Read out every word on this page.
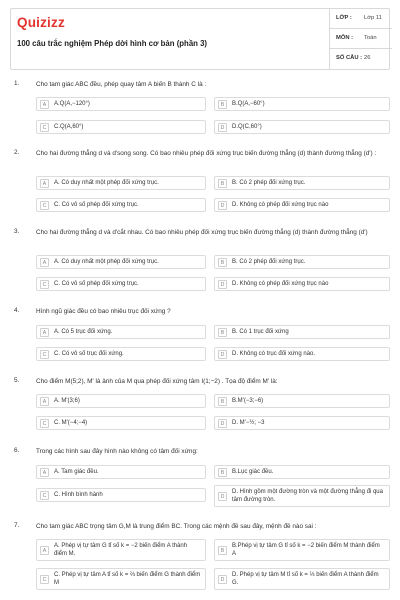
Quizizz
100 câu trắc nghiệm Phép dời hình cơ bản (phần 3)
LỚP : Lớp 11
MÔN : Toán
SỐ CÂU : 26
1.	Cho tam giác ABC đều, phép quay tâm A biến B thành C là :
A	A.Q(A,−120°)	B	B.Q(A,−60°)
C	C.Q(A,60°)	D	D.Q(C,60°)
2.	Cho hai đường thẳng d và d'song song. Có bao nhiêu phép đối xứng trục biến đường thẳng (d) thành đường thẳng (d') :
A	A. Có duy nhất một phép đối xứng trục.	B	B. Có 2 phép đối xứng trục.
C	C. Có vô số phép đối xứng trục.	D	D. Không có phép đối xứng trục nào
3.	Cho hai đường thẳng d và d'cắt nhau. Có bao nhiêu phép đối xứng trục biến đường thẳng (d) thành đường thẳng (d')
A	A. Có duy nhất một phép đối xứng trục.	B	B. Có 2 phép đối xứng trục.
C	C. Có vô số phép đối xứng trục.	D	D. Không có phép đối xứng trục nào
4.	Hình ngũ giác đều có bao nhiêu trục đối xứng ?
A	A. Có 5 trục đối xứng.	B	B. Có 1 trục đối xứng
C	C. Có vô số trục đối xứng.	D	D. Không có trục đối xứng nào.
5.	Cho điểm M(5;2), M' là ảnh của M qua phép đối xứng tâm I(1;−2) . Tọa độ điểm M' là:
A	A. M'(3;6)	B	B.M'(−3;−6)
C	C. M'(−4;−4)	D	D. M'−½; −3
6.	Trong các hình sau đây hình nào không có tâm đối xứng:
A	A. Tam giác đều.	B	B.Lục giác đều.
C	C. Hình bình hành	D
D. Hình gồm một đường tròn và một đường thẳng đi qua tâm đường tròn.
7.	Cho tam giác ABC trọng tâm G,M là trung điểm BC. Trong các mệnh đề sau đây, mệnh đề nào sai :
A
A. Phép vị tự tâm G tỉ số k = −2 biến điểm A thành điểm M.	B
B.Phép vị tự tâm G tỉ số k = −2 biến điểm M thành điểm A
C
C. Phép vị tự tâm A tỉ số k = ⅔ biến điểm G thành điểm M	D
D. Phép vị tự tâm M tỉ số k = ⅓ biến điểm A thành điểm G.
